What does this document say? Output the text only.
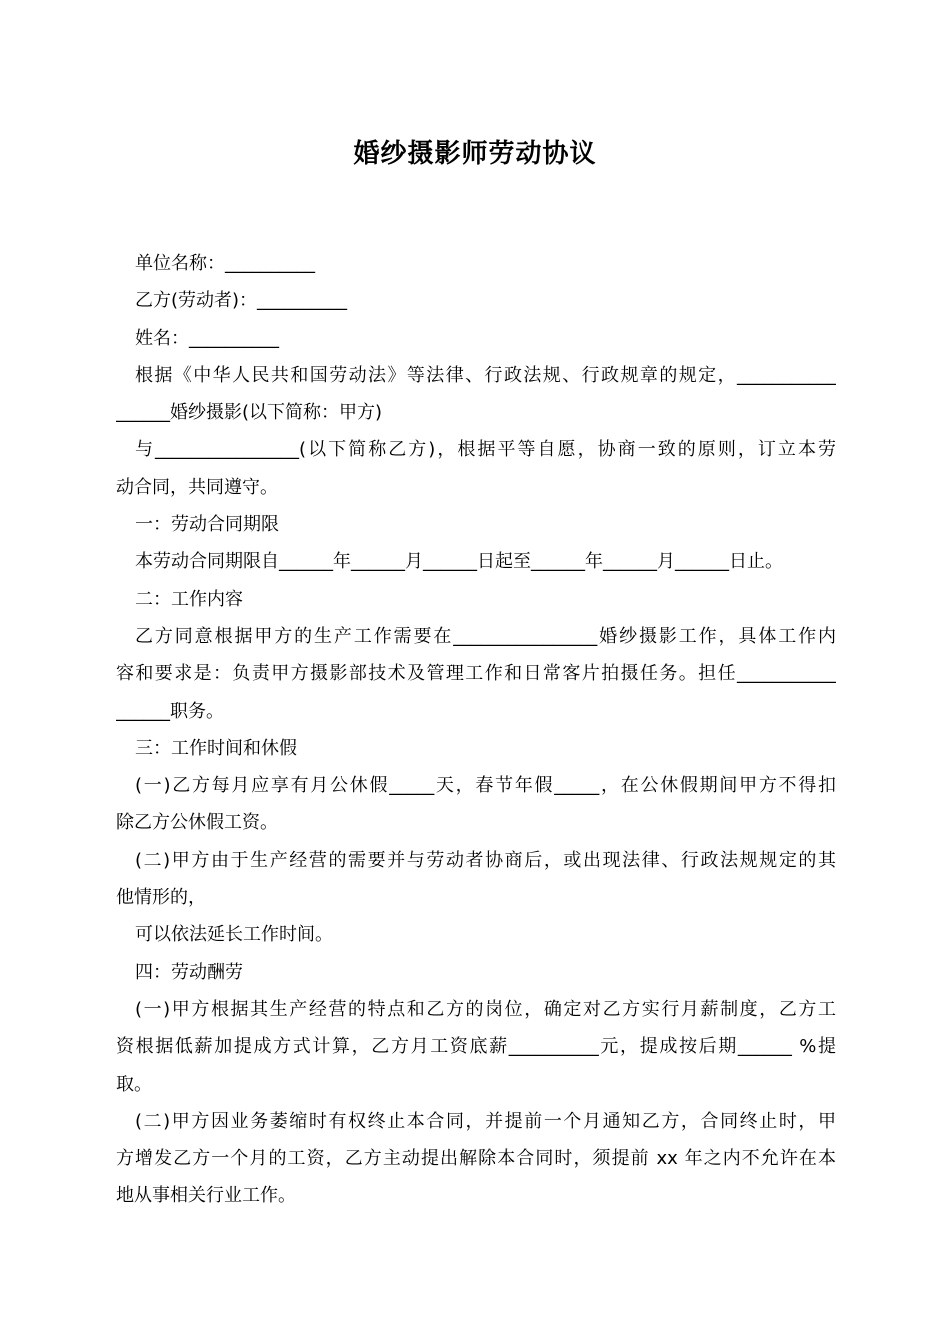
婚纱摄影师劳动协议
单位名称：__________
乙方(劳动者)：__________
姓名：__________
根据《中华人民共和国劳动法》等法律、行政法规、行政规章的规定，___________
______婚纱摄影(以下简称：甲方)
与________________(以下简称乙方)，根据平等自愿，协商一致的原则，订立本劳
动合同，共同遵守。
一：劳动合同期限
本劳动合同期限自______年______月______日起至______年______月______日止。
二：工作内容
乙方同意根据甲方的生产工作需要在________________婚纱摄影工作，具体工作内
容和要求是：负责甲方摄影部技术及管理工作和日常客片拍摄任务。担任___________
______职务。
三：工作时间和休假
(一)乙方每月应享有月公休假_____天，春节年假_____，在公休假期间甲方不得扣
除乙方公休假工资。
(二)甲方由于生产经营的需要并与劳动者协商后，或出现法律、行政法规规定的其
他情形的，
可以依法延长工作时间。
四：劳动酬劳
(一)甲方根据其生产经营的特点和乙方的岗位，确定对乙方实行月薪制度，乙方工
资根据低薪加提成方式计算，乙方月工资底薪__________元，提成按后期______ %提
取。
(二)甲方因业务萎缩时有权终止本合同，并提前一个月通知乙方，合同终止时，甲
方增发乙方一个月的工资，乙方主动提出解除本合同时，须提前 xx 年之内不允许在本
地从事相关行业工作。
